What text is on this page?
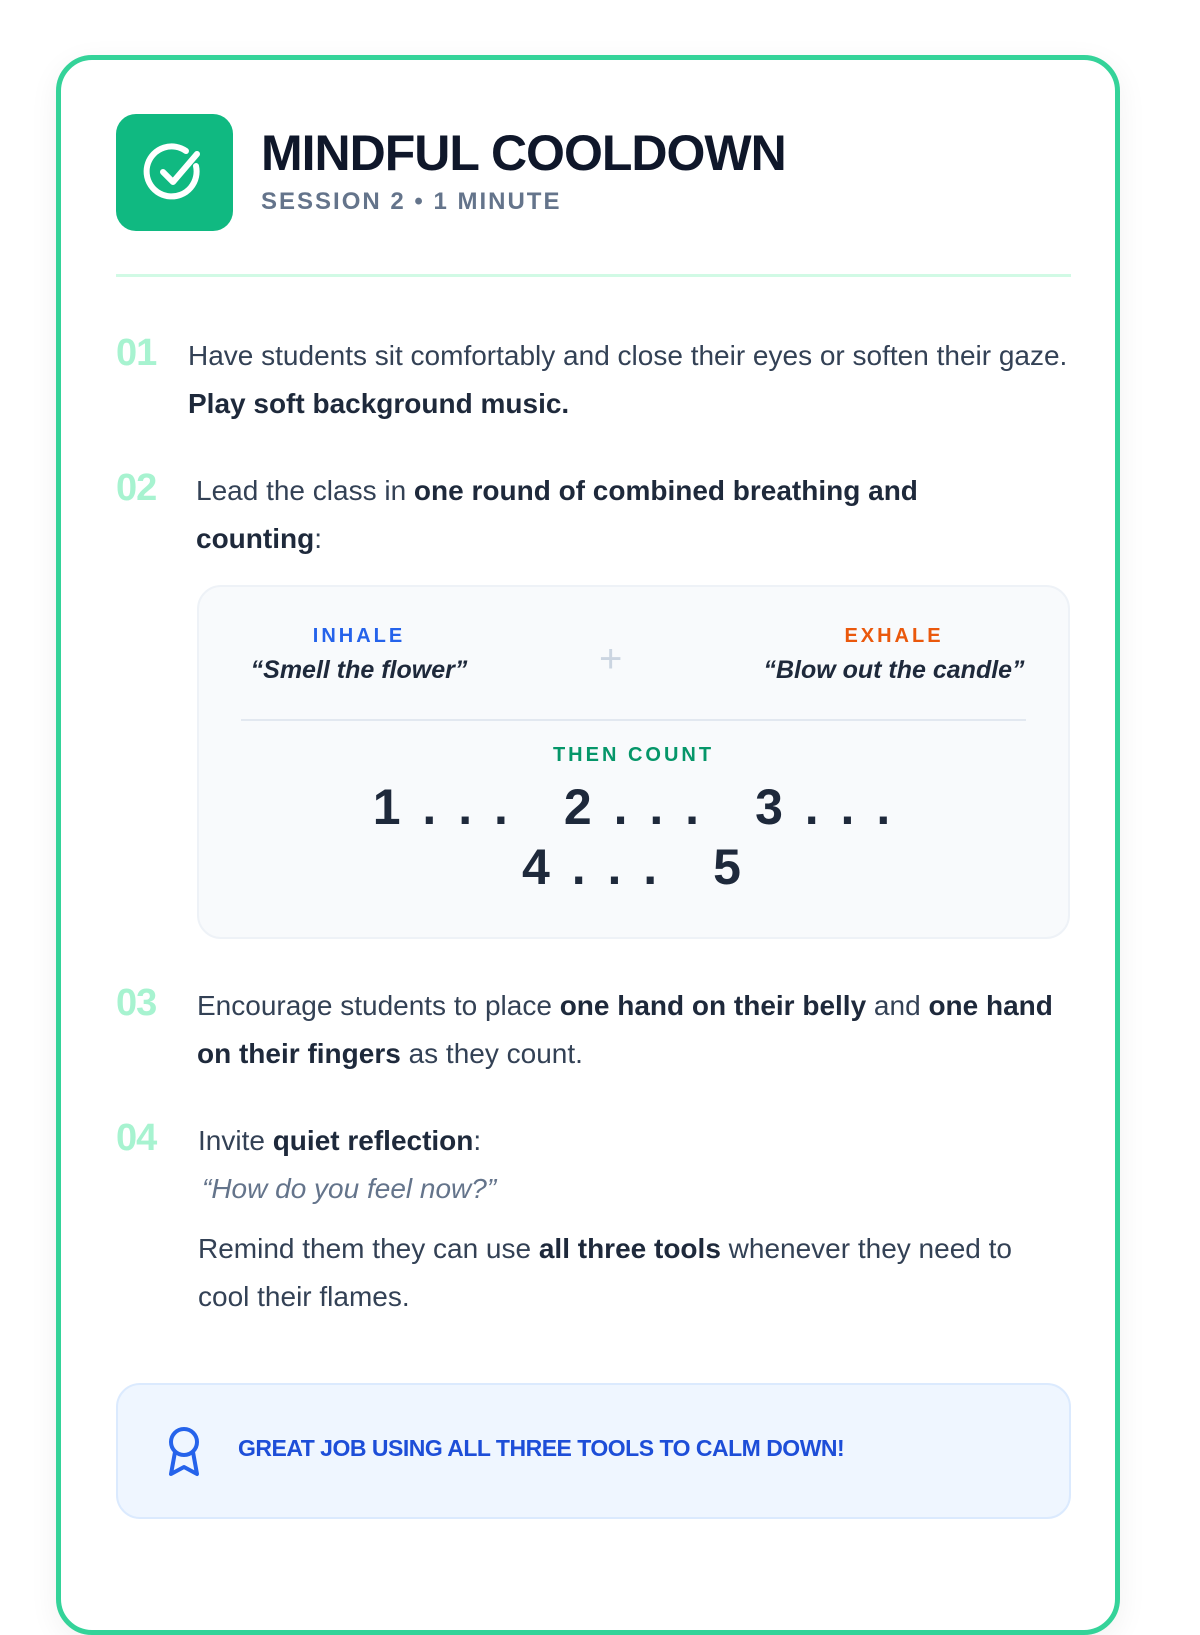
MINDFUL COOLDOWN
SESSION 2 • 1 MINUTE
01 Have students sit comfortably and close their eyes or soften their gaze. Play soft background music.
02 Lead the class in one round of combined breathing and counting:
INHALE
“Smell the flower”	+
EXHALE
“Blow out the candle”
THEN COUNT
1 . . . 2 . . . 3 . . .
4 . . . 5
03 Encourage students to place one hand on their belly and one hand on their fingers as they count.
04 Invite quiet reflection:
“How do you feel now?”
Remind them they can use all three tools whenever they need to cool their flames.
GREAT JOB USING ALL THREE TOOLS TO CALM DOWN!
